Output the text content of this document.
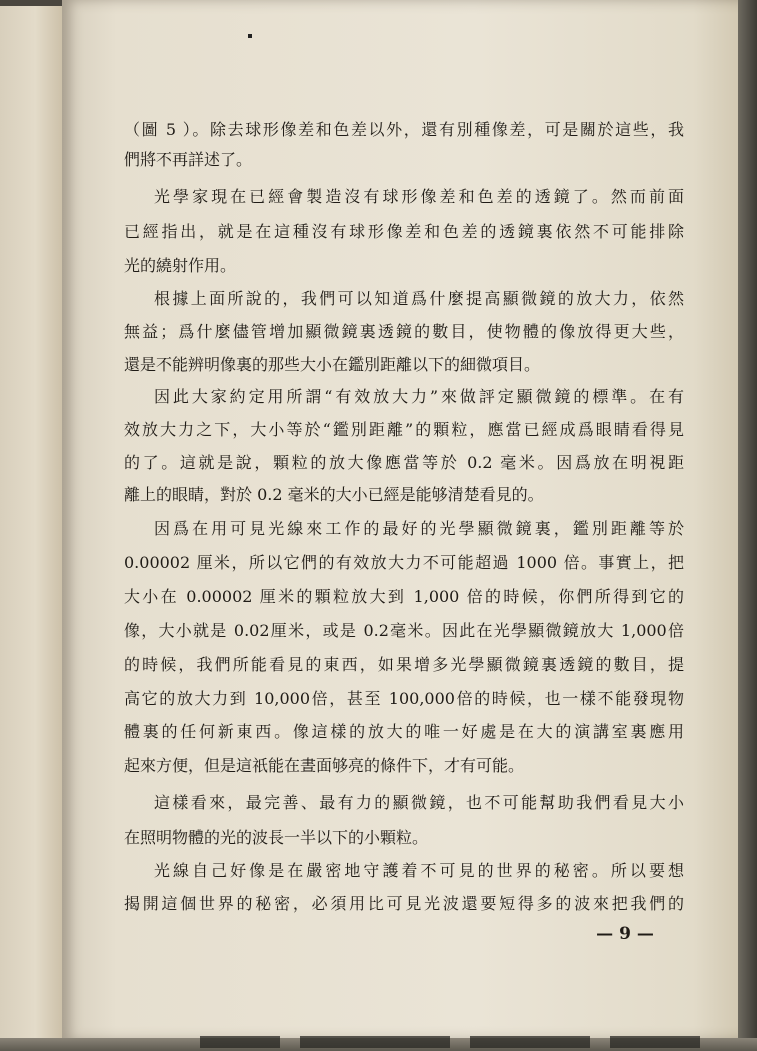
（圖 5 ）。除去球形像差和色差以外，還有別種像差，可是關於這些，我

們將不再詳述了。

光學家現在已經會製造沒有球形像差和色差的透鏡了。然而前面

已經指出，就是在這種沒有球形像差和色差的透鏡裏依然不可能排除

光的繞射作用。

根據上面所說的，我們可以知道爲什麼提高顯微鏡的放大力，依然

無益；爲什麼儘管增加顯微鏡裏透鏡的數目，使物體的像放得更大些，

還是不能辨明像裏的那些大小在鑑別距離以下的細微項目。

因此大家約定用所謂“有效放大力”來做評定顯微鏡的標準。在有

效放大力之下，大小等於“鑑別距離”的顆粒，應當已經成爲眼睛看得見

的了。這就是說，顆粒的放大像應當等於 0.2 毫米。因爲放在明視距

離上的眼睛，對於 0.2 毫米的大小已經是能够清楚看見的。

因爲在用可見光線來工作的最好的光學顯微鏡裏，鑑別距離等於

0.00002 厘米，所以它們的有效放大力不可能超過 1000 倍。事實上，把

大小在 0.00002 厘米的顆粒放大到 1,000 倍的時候，你們所得到它的

像，大小就是 0.02厘米，或是 0.2毫米。因此在光學顯微鏡放大 1,000倍

的時候，我們所能看見的東西，如果增多光學顯微鏡裏透鏡的數目，提

高它的放大力到 10,000倍，甚至 100,000倍的時候，也一樣不能發現物

體裏的任何新東西。像這樣的放大的唯一好處是在大的演講室裏應用

起來方便，但是這祇能在晝面够亮的條件下，才有可能。

這樣看來，最完善、最有力的顯微鏡，也不可能幫助我們看見大小

在照明物體的光的波長一半以下的小顆粒。

光線自己好像是在嚴密地守護着不可見的世界的秘密。所以要想

揭開這個世界的秘密，必須用比可見光波還要短得多的波來把我們的

— 9 —
